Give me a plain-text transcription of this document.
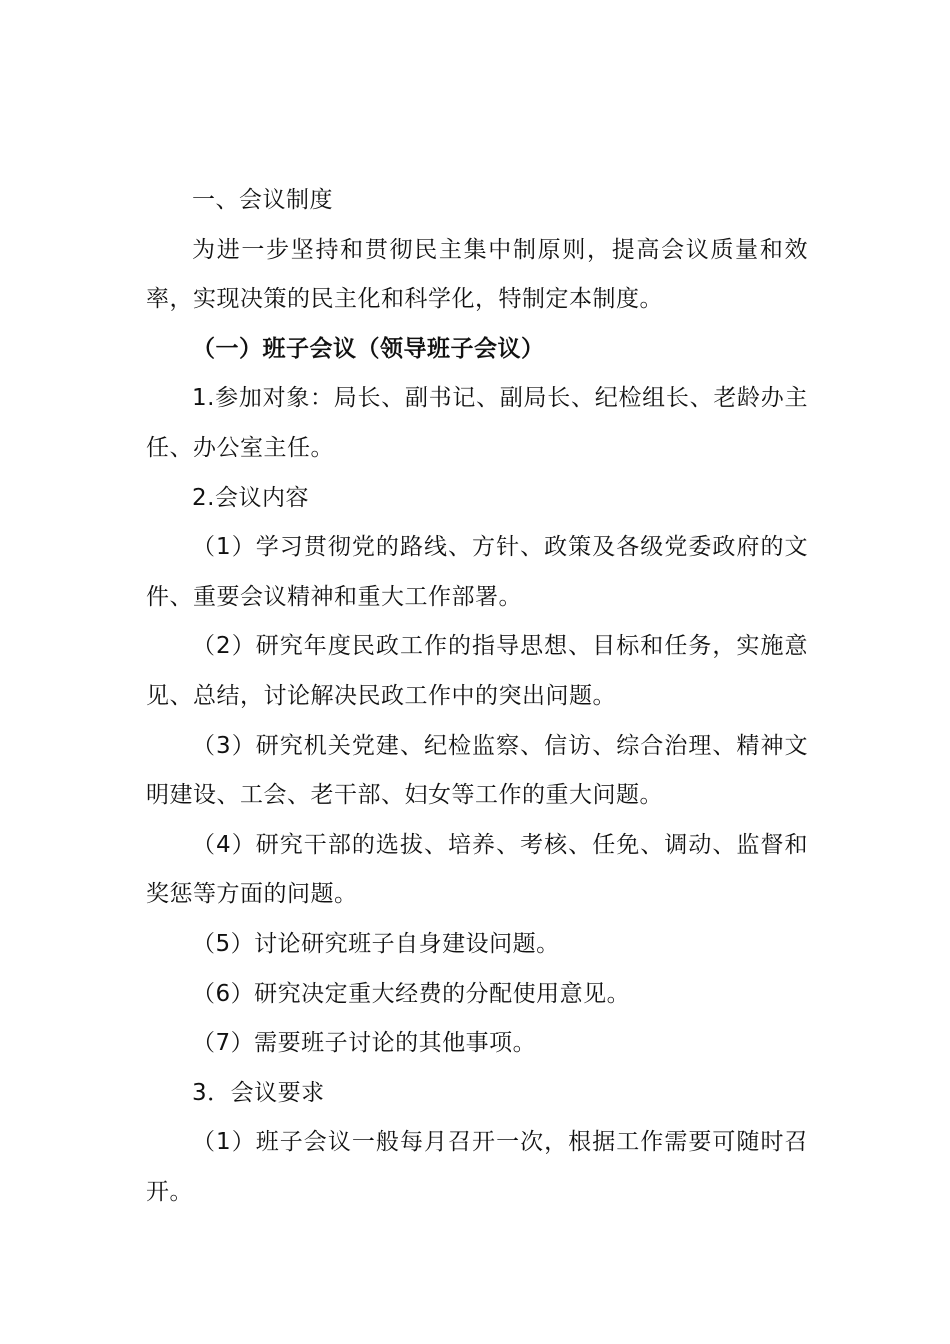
一、会议制度

为进一步坚持和贯彻民主集中制原则，提高会议质量和效率，实现决策的民主化和科学化，特制定本制度。

（一）班子会议（领导班子会议）

1.参加对象：局长、副书记、副局长、纪检组长、老龄办主任、办公室主任。

2.会议内容

（1）学习贯彻党的路线、方针、政策及各级党委政府的文件、重要会议精神和重大工作部署。

（2）研究年度民政工作的指导思想、目标和任务，实施意见、总结，讨论解决民政工作中的突出问题。

（3）研究机关党建、纪检监察、信访、综合治理、精神文明建设、工会、老干部、妇女等工作的重大问题。

（4）研究干部的选拔、培养、考核、任免、调动、监督和奖惩等方面的问题。

（5）讨论研究班子自身建设问题。

（6）研究决定重大经费的分配使用意见。

（7）需要班子讨论的其他事项。

3．会议要求

（1）班子会议一般每月召开一次，根据工作需要可随时召开。
